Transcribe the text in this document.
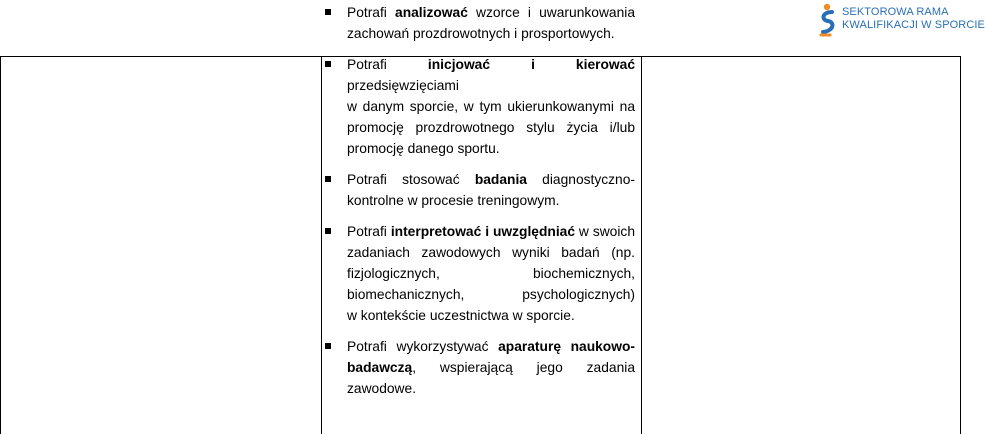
SEKTOROWA RAMA
KWALIFIKACJI W SPORCIE
Potrafi analizować wzorce i uwarunkowania
zachowań prozdrowotnych i prosportowych.
Potrafi inicjować i kierować przedsięwzięciami
w danym sporcie, w tym ukierunkowanymi na
promocję prozdrowotnego stylu życia i/lub
promocję danego sportu.
Potrafi stosować badania diagnostyczno-
kontrolne w procesie treningowym.
Potrafi interpretować i uwzględniać w swoich
zadaniach zawodowych wyniki badań (np.
fizjologicznych, biochemicznych,
biomechanicznych, psychologicznych)
w kontekście uczestnictwa w sporcie.
Potrafi wykorzystywać aparaturę naukowo-
badawczą, wspierającą jego zadania
zawodowe.
